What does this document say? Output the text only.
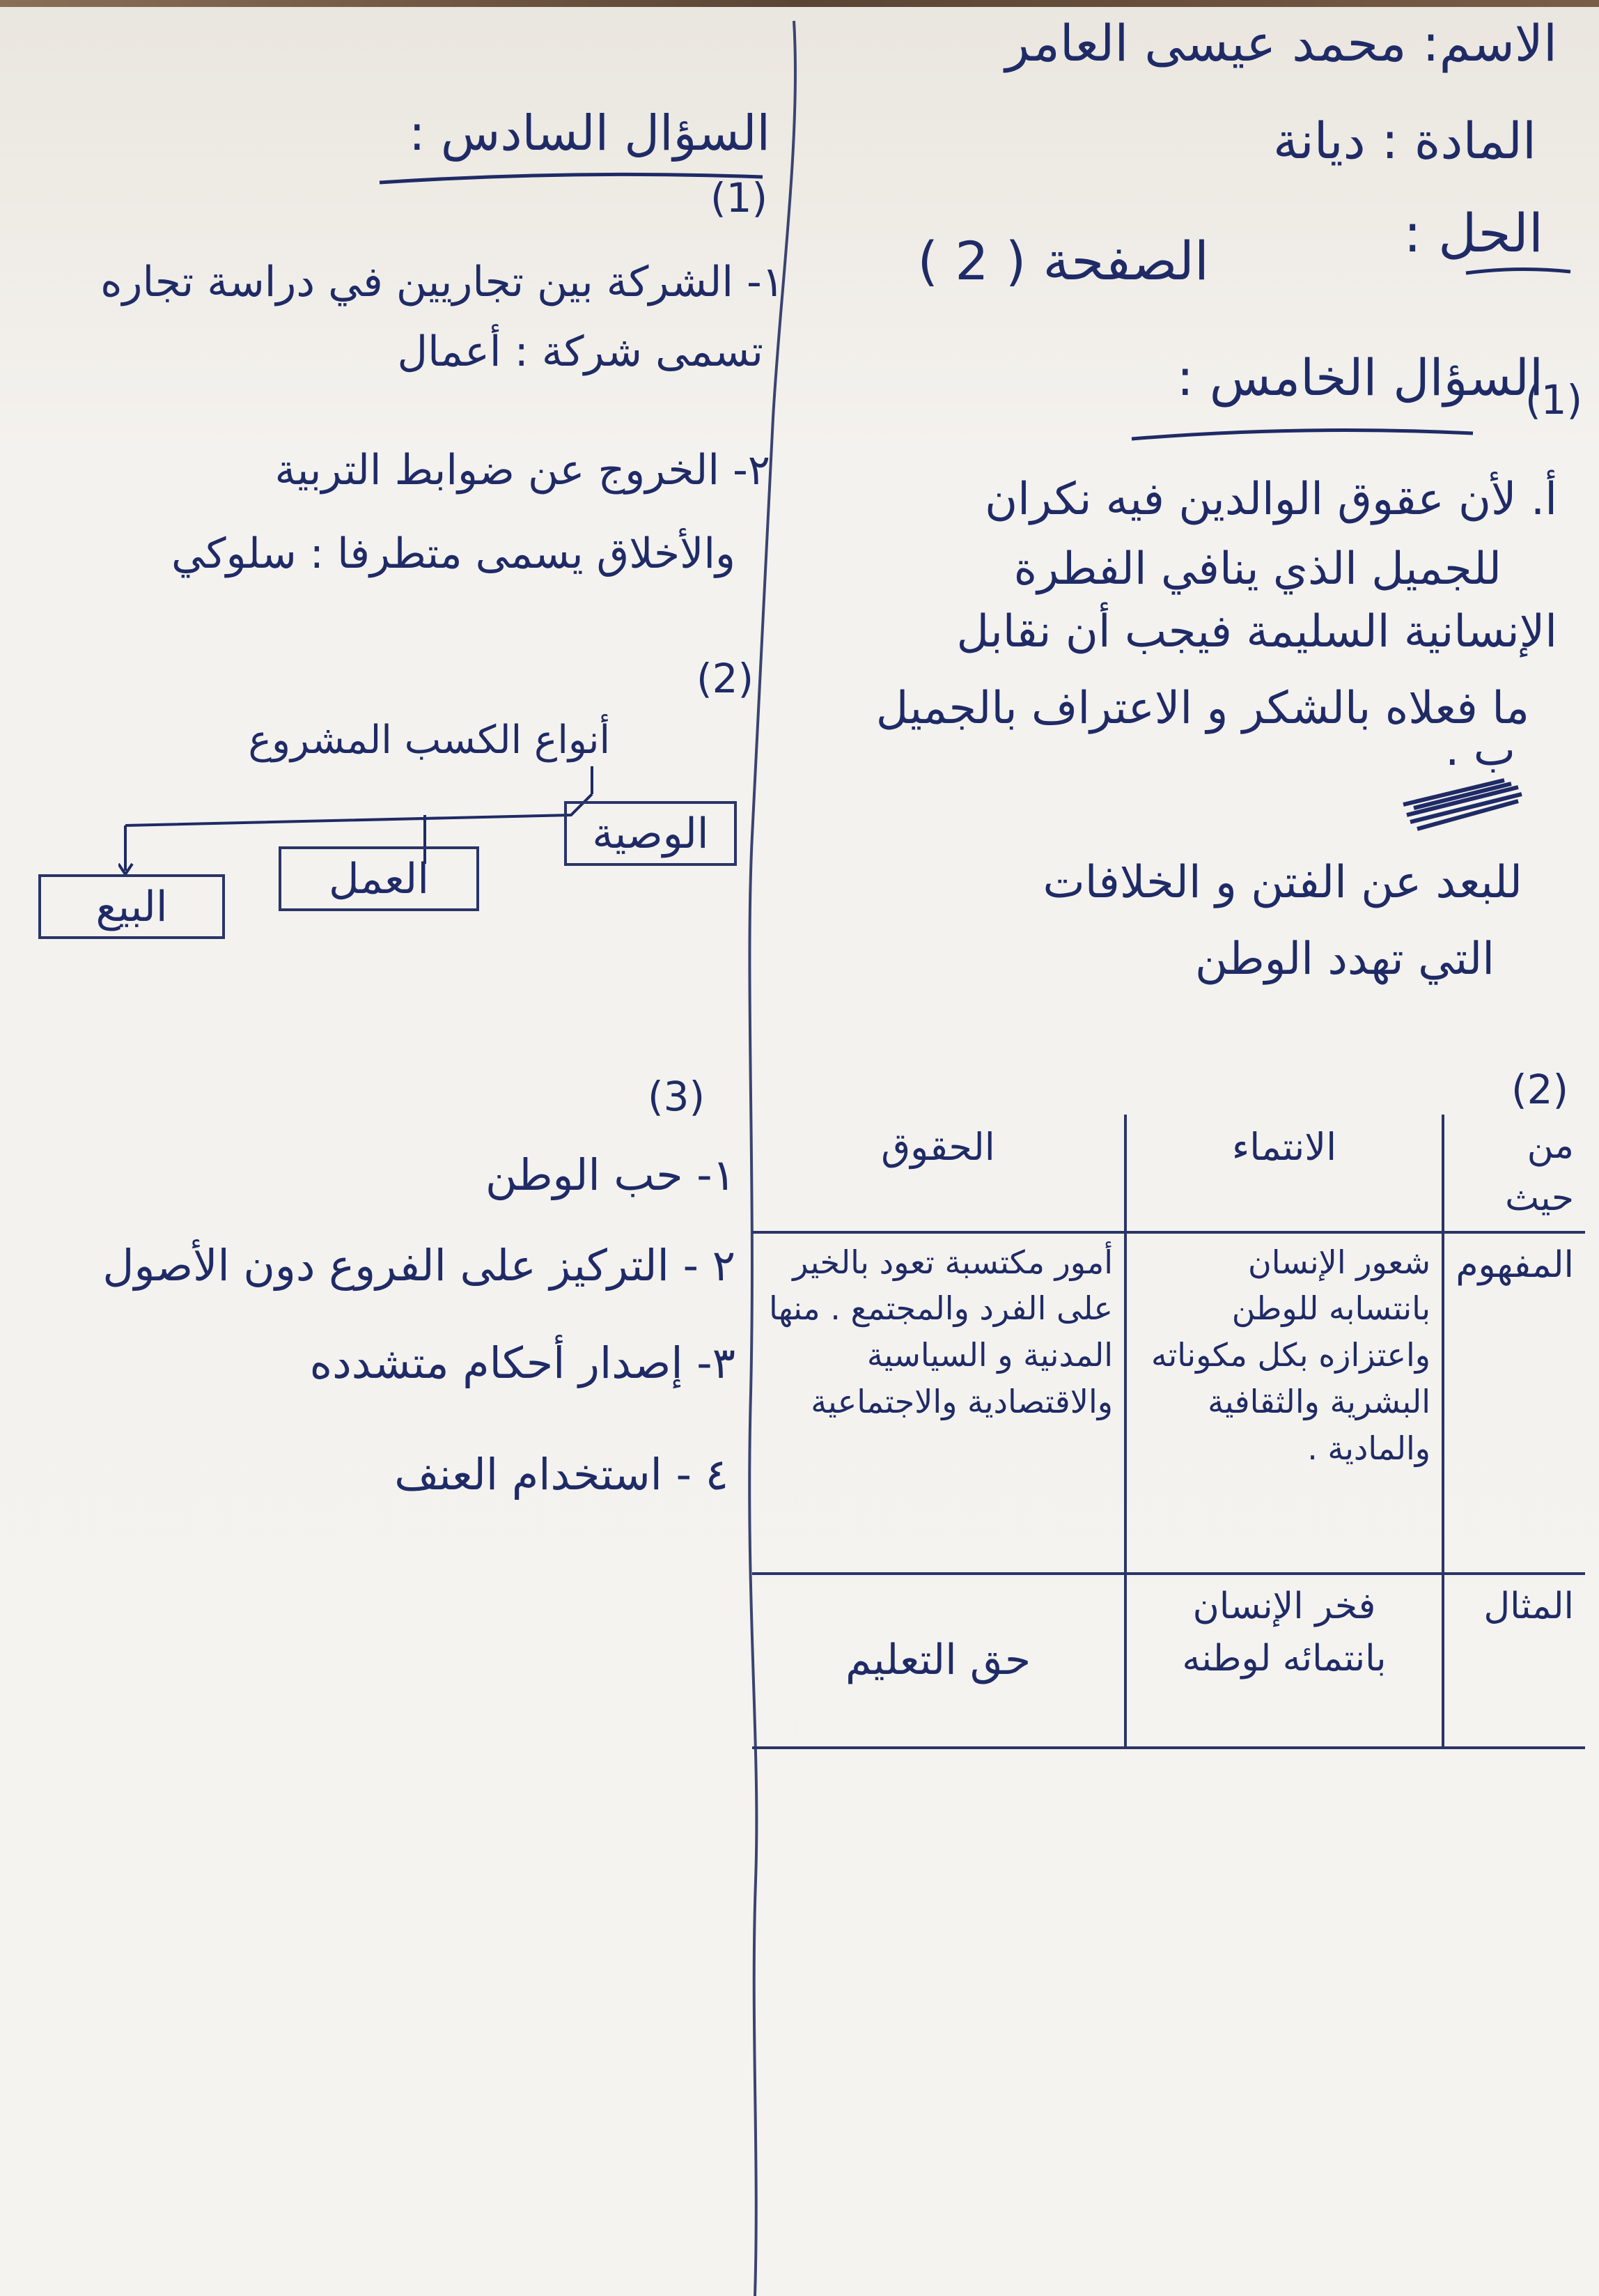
الاسم: محمد عيسى العامر
المادة : ديانة
الحل :
الصفحة ( 2 )
السؤال الخامس :
(1)
أ. لأن عقوق الوالدين فيه نكران
للجميل الذي ينافي الفطرة
الإنسانية السليمة فيجب أن نقابل
ما فعلاه بالشكر و الاعتراف بالجميل
ب .
للبعد عن الفتن و الخلافات
التي تهدد الوطن
(2)
من حيث	الانتماء	الحقوق
المفهوم	شعور الإنسان بانتسابه للوطن واعتزازه بكل مكوناته البشرية والثقافية والمادية .	أمور مكتسبة تعود بالخير على الفرد والمجتمع . منها المدنية و السياسية والاقتصادية والاجتماعية
المثال	فخر الإنسان بانتمائه لوطنه	حق التعليم
السؤال السادس :
(1)
١- الشركة بين تجاريين في دراسة تجاره
تسمى شركة : أعمال
٢- الخروج عن ضوابط التربية
والأخلاق يسمى متطرفا : سلوكي
(2)
أنواع الكسب المشروع
الوصية
العمل
البيع
(3)
١- حب الوطن
٢ - التركيز على الفروع دون الأصول
٣- إصدار أحكام متشدده
٤ - استخدام العنف
